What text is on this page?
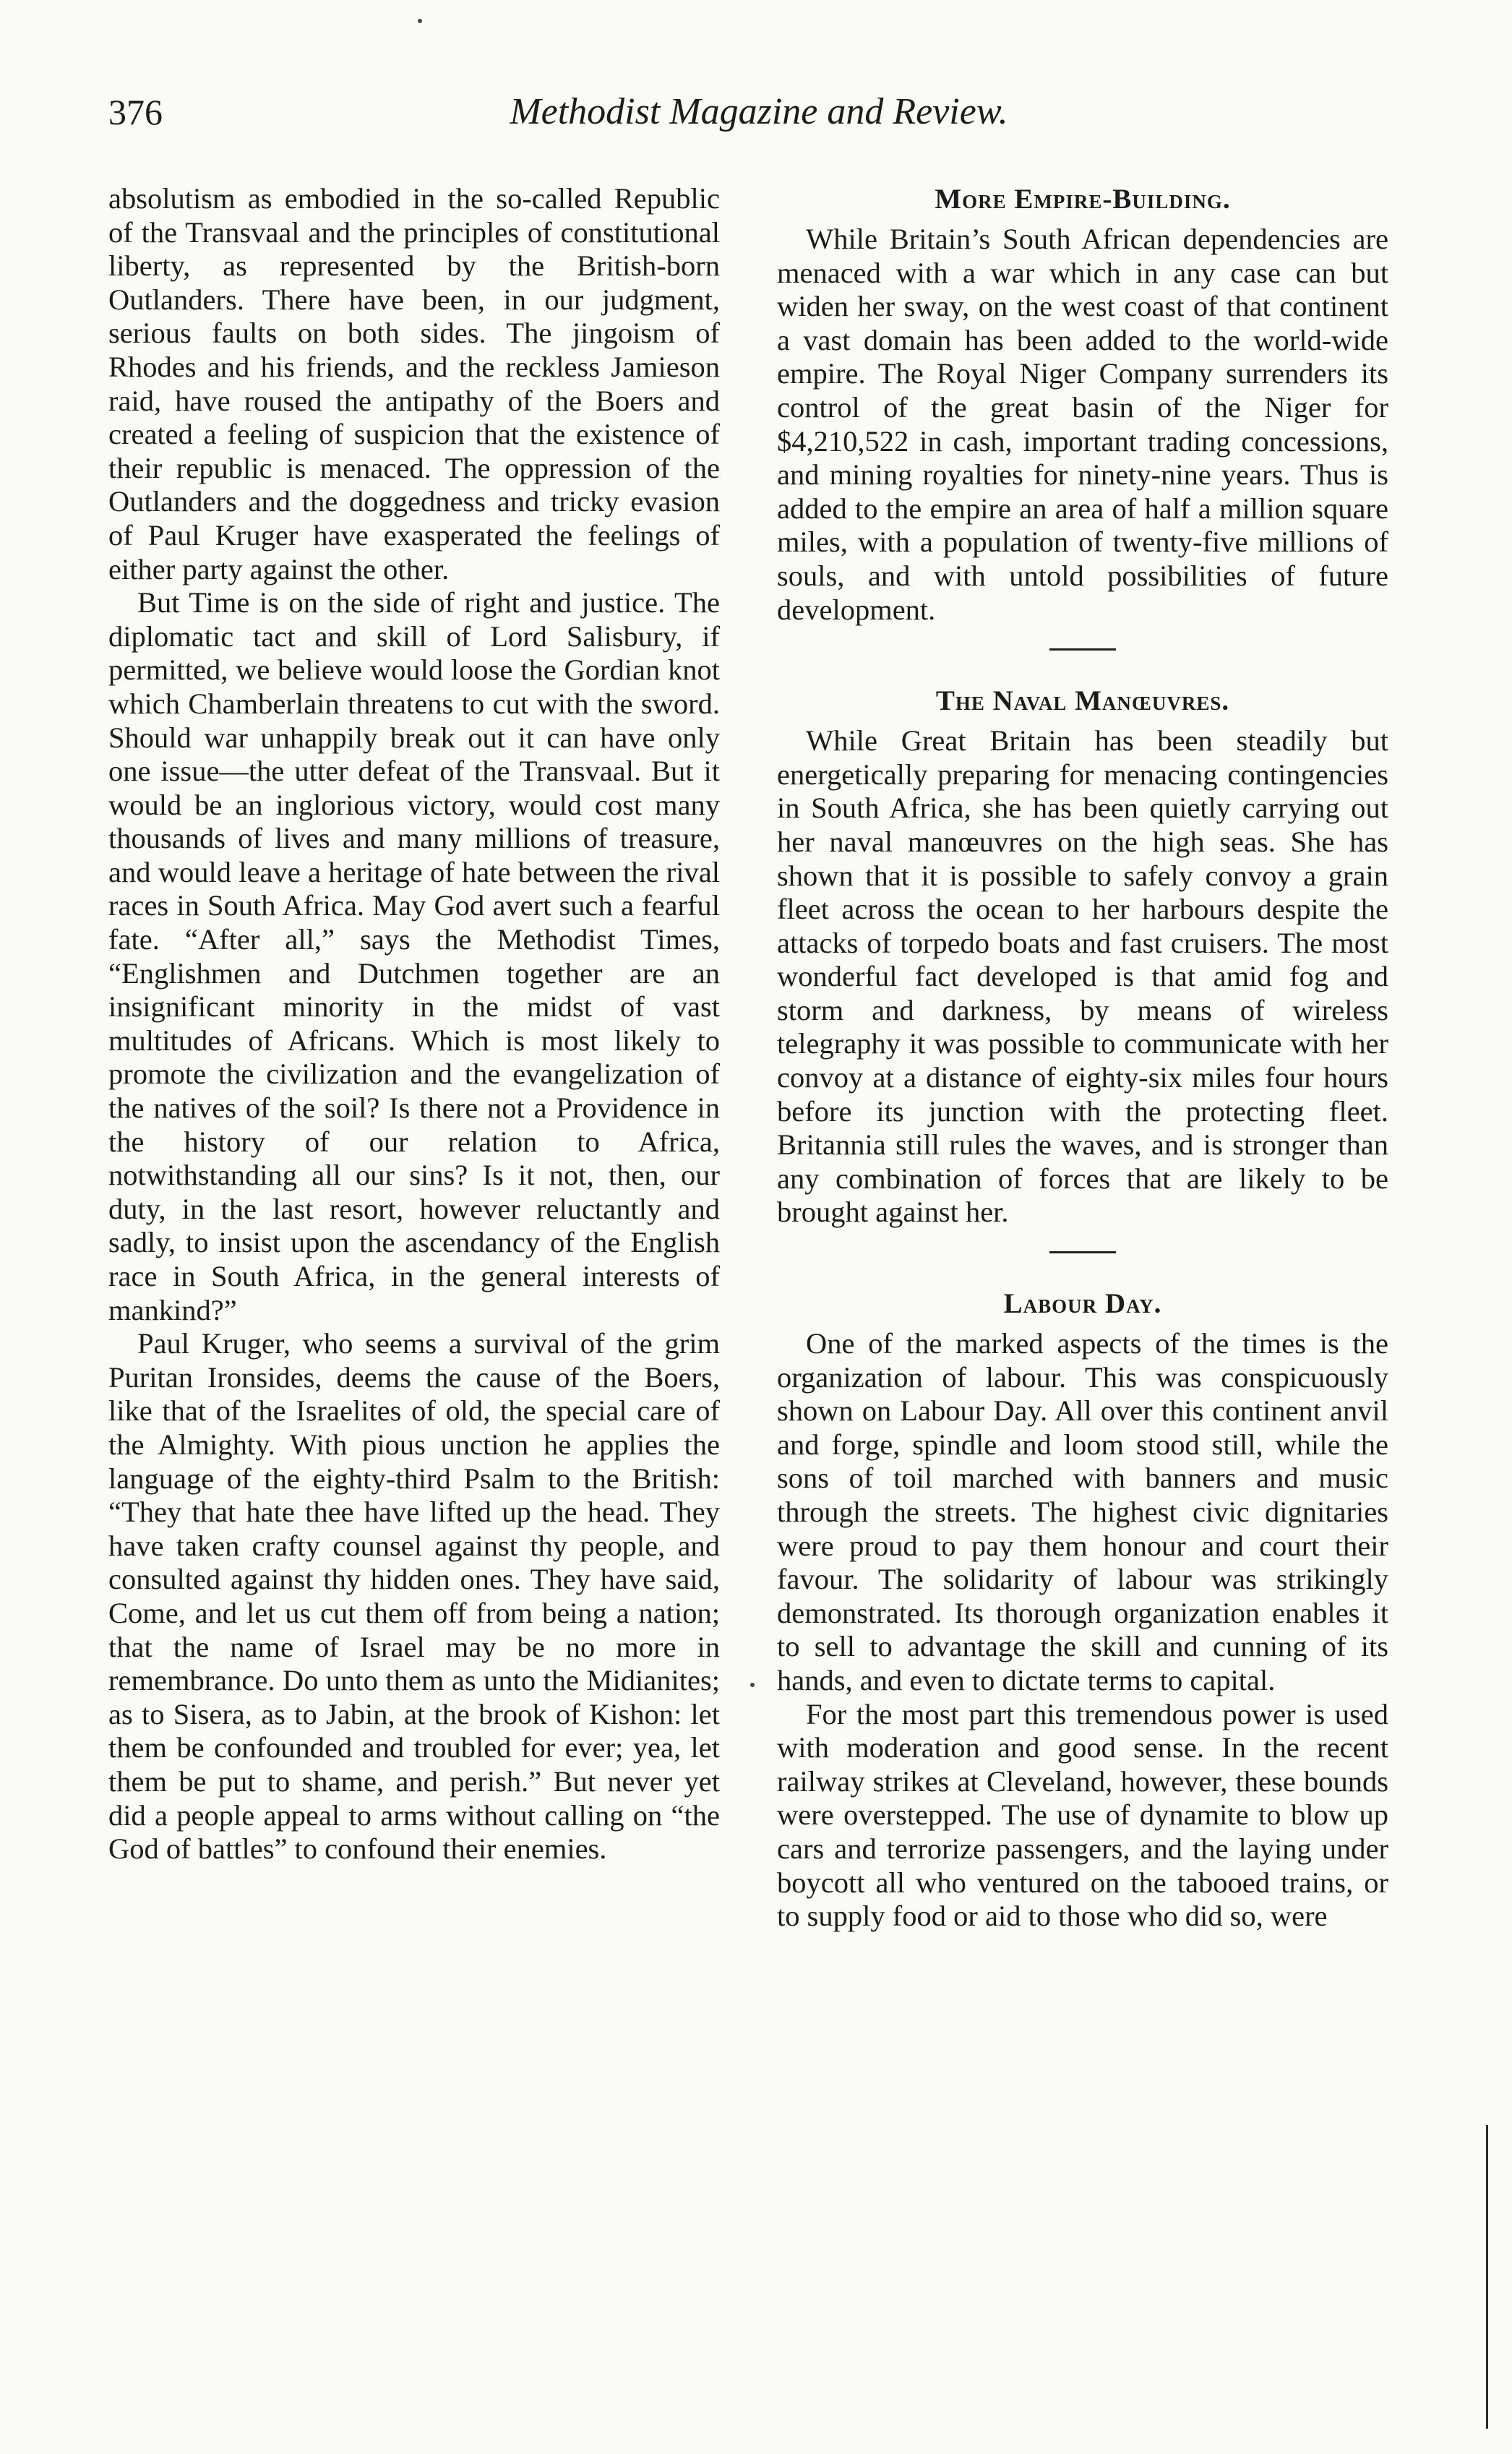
376	Methodist Magazine and Review.

absolutism as embodied in the so-called Republic of the Transvaal and the principles of constitutional liberty, as represented by the British-born Outlanders. There have been, in our judgment, serious faults on both sides. The jingoism of Rhodes and his friends, and the reckless Jamieson raid, have roused the antipathy of the Boers and created a feeling of suspicion that the existence of their republic is menaced. The oppression of the Outlanders and the doggedness and tricky evasion of Paul Kruger have exasperated the feelings of either party against the other.

But Time is on the side of right and justice. The diplomatic tact and skill of Lord Salisbury, if permitted, we believe would loose the Gordian knot which Chamberlain threatens to cut with the sword. Should war unhappily break out it can have only one issue—the utter defeat of the Transvaal. But it would be an inglorious victory, would cost many thousands of lives and many millions of treasure, and would leave a heritage of hate between the rival races in South Africa. May God avert such a fearful fate. “After all,” says the Methodist Times, “Englishmen and Dutchmen together are an insignificant minority in the midst of vast multitudes of Africans. Which is most likely to promote the civilization and the evangelization of the natives of the soil? Is there not a Providence in the history of our relation to Africa, notwithstanding all our sins? Is it not, then, our duty, in the last resort, however reluctantly and sadly, to insist upon the ascendancy of the English race in South Africa, in the general interests of mankind?”

Paul Kruger, who seems a survival of the grim Puritan Ironsides, deems the cause of the Boers, like that of the Israelites of old, the special care of the Almighty. With pious unction he applies the language of the eighty-third Psalm to the British: “They that hate thee have lifted up the head. They have taken crafty counsel against thy people, and consulted against thy hidden ones. They have said, Come, and let us cut them off from being a nation; that the name of Israel may be no more in remembrance. Do unto them as unto the Midianites; as to Sisera, as to Jabin, at the brook of Kishon: let them be confounded and troubled for ever; yea, let them be put to shame, and perish.” But never yet did a people appeal to arms without calling on “the God of battles” to confound their enemies.

More Empire-Building.

While Britain’s South African dependencies are menaced with a war which in any case can but widen her sway, on the west coast of that continent a vast domain has been added to the world-wide empire. The Royal Niger Company surrenders its control of the great basin of the Niger for $4,210,522 in cash, important trading concessions, and mining royalties for ninety-nine years. Thus is added to the empire an area of half a million square miles, with a population of twenty-five millions of souls, and with untold possibilities of future development.

The Naval Manœuvres.

While Great Britain has been steadily but energetically preparing for menacing contingencies in South Africa, she has been quietly carrying out her naval manœuvres on the high seas. She has shown that it is possible to safely convoy a grain fleet across the ocean to her harbours despite the attacks of torpedo boats and fast cruisers. The most wonderful fact developed is that amid fog and storm and darkness, by means of wireless telegraphy it was possible to communicate with her convoy at a distance of eighty-six miles four hours before its junction with the protecting fleet. Britannia still rules the waves, and is stronger than any combination of forces that are likely to be brought against her.

Labour Day.

One of the marked aspects of the times is the organization of labour. This was conspicuously shown on Labour Day. All over this continent anvil and forge, spindle and loom stood still, while the sons of toil marched with banners and music through the streets. The highest civic dignitaries were proud to pay them honour and court their favour. The solidarity of labour was strikingly demonstrated. Its thorough organization enables it to sell to advantage the skill and cunning of its hands, and even to dictate terms to capital.

For the most part this tremendous power is used with moderation and good sense. In the recent railway strikes at Cleveland, however, these bounds were overstepped. The use of dynamite to blow up cars and terrorize passengers, and the laying under boycott all who ventured on the tabooed trains, or to supply food or aid to those who did so, were
